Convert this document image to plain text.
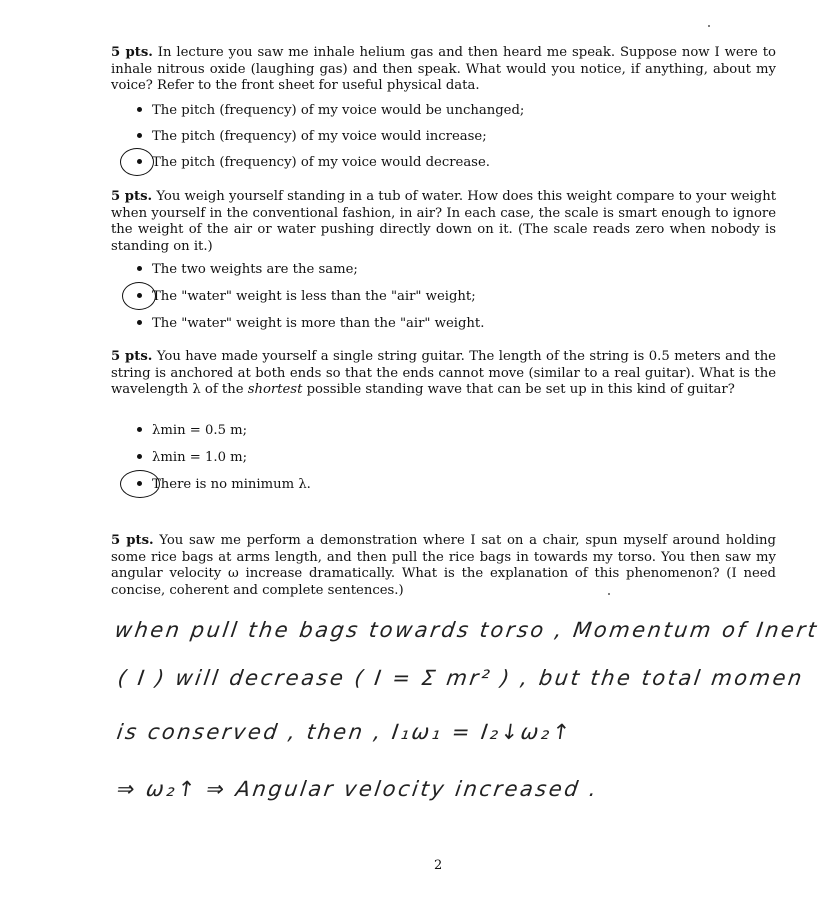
5 pts. In lecture you saw me inhale helium gas and then heard me speak. Suppose now I were to inhale nitrous oxide (laughing gas) and then speak. What would you notice, if anything, about my voice? Refer to the front sheet for useful physical data.
The pitch (frequency) of my voice would be unchanged;
The pitch (frequency) of my voice would increase;
The pitch (frequency) of my voice would decrease.
5 pts. You weigh yourself standing in a tub of water. How does this weight compare to your weight when yourself in the conventional fashion, in air? In each case, the scale is smart enough to ignore the weight of the air or water pushing directly down on it. (The scale reads zero when nobody is standing on it.)
The two weights are the same;
The "water" weight is less than the "air" weight;
The "water" weight is more than the "air" weight.
5 pts. You have made yourself a single string guitar. The length of the string is 0.5 meters and the string is anchored at both ends so that the ends cannot move (similar to a real guitar). What is the wavelength λ of the shortest possible standing wave that can be set up in this kind of guitar?
λmin = 0.5 m;
λmin = 1.0 m;
There is no minimum λ.
5 pts. You saw me perform a demonstration where I sat on a chair, spun myself around holding some rice bags at arms length, and then pull the rice bags in towards my torso. You then saw my angular velocity ω increase dramatically. What is the explanation of this phenomenon? (I need concise, coherent and complete sentences.)
when pull the bags towards torso , Momentum of Inert
( I ) will decrease ( I = Σ mr² ) , but the total momen
is conserved , then , I₁ω₁ = I₂↓ω₂↑
⇒ ω₂↑ ⇒ Angular velocity increased .
2
